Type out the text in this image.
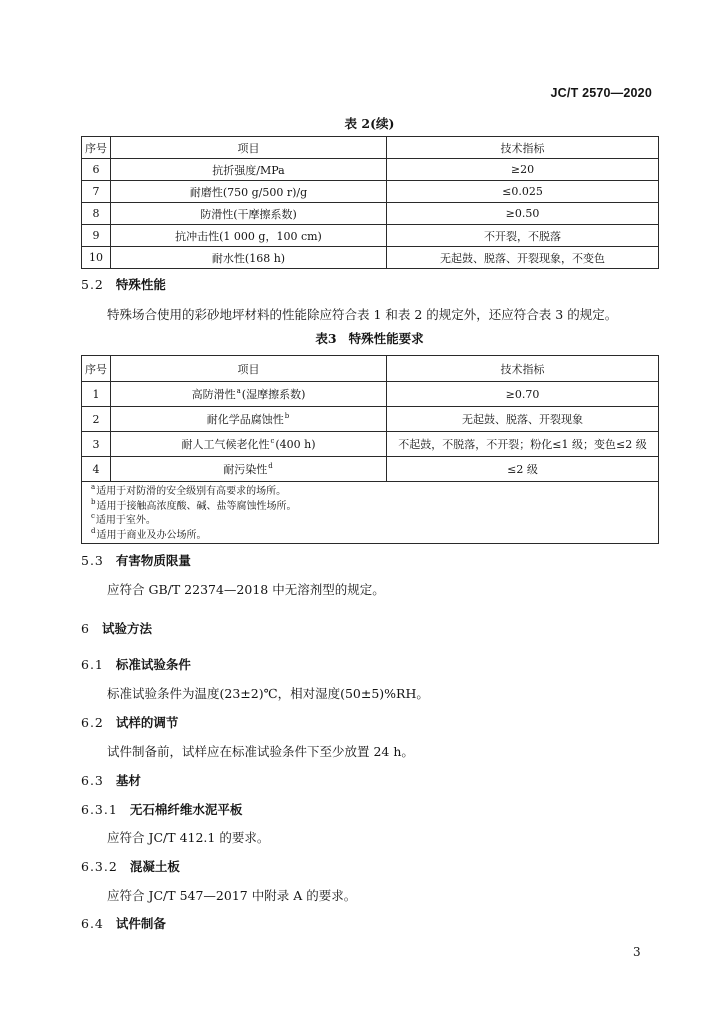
JC/T 2570—2020
表 2(续)
序号	项目	技术指标
6	抗折强度/MPa	≥20
7	耐磨性(750 g/500 r)/g	≤0.025
8	防滑性(干摩擦系数)	≥0.50
9	抗冲击性(1 000 g，100 cm)	不开裂，不脱落
10	耐水性(168 h)	无起鼓、脱落、开裂现象，不变色
5.2 特殊性能
特殊场合使用的彩砂地坪材料的性能除应符合表 1 和表 2 的规定外，还应符合表 3 的规定。
表3 特殊性能要求
序号	项目	技术指标
1	高防滑性$^a$(湿摩擦系数)	≥0.70
2	耐化学品腐蚀性$^b$	无起鼓、脱落、开裂现象
3	耐人工气候老化性$^c$(400 h)	不起鼓，不脱落，不开裂；粉化≤1 级；变色≤2 级
4	耐污染性$^d$	≤2 级

$^a$适用于对防滑的安全级别有高要求的场所。
$^b$适用于接触高浓度酸、碱、盐等腐蚀性场所。
$^c$适用于室外。
$^d$适用于商业及办公场所。		
5.3 有害物质限量
应符合 GB/T 22374—2018 中无溶剂型的规定。
6 试验方法
6.1 标准试验条件
标准试验条件为温度(23±2)℃，相对湿度(50±5)%RH。
6.2 试样的调节
试件制备前，试样应在标准试验条件下至少放置 24 h。
6.3 基材
6.3.1 无石棉纤维水泥平板
应符合 JC/T 412.1 的要求。
6.3.2 混凝土板
应符合 JC/T 547—2017 中附录 A 的要求。
6.4 试件制备
3
